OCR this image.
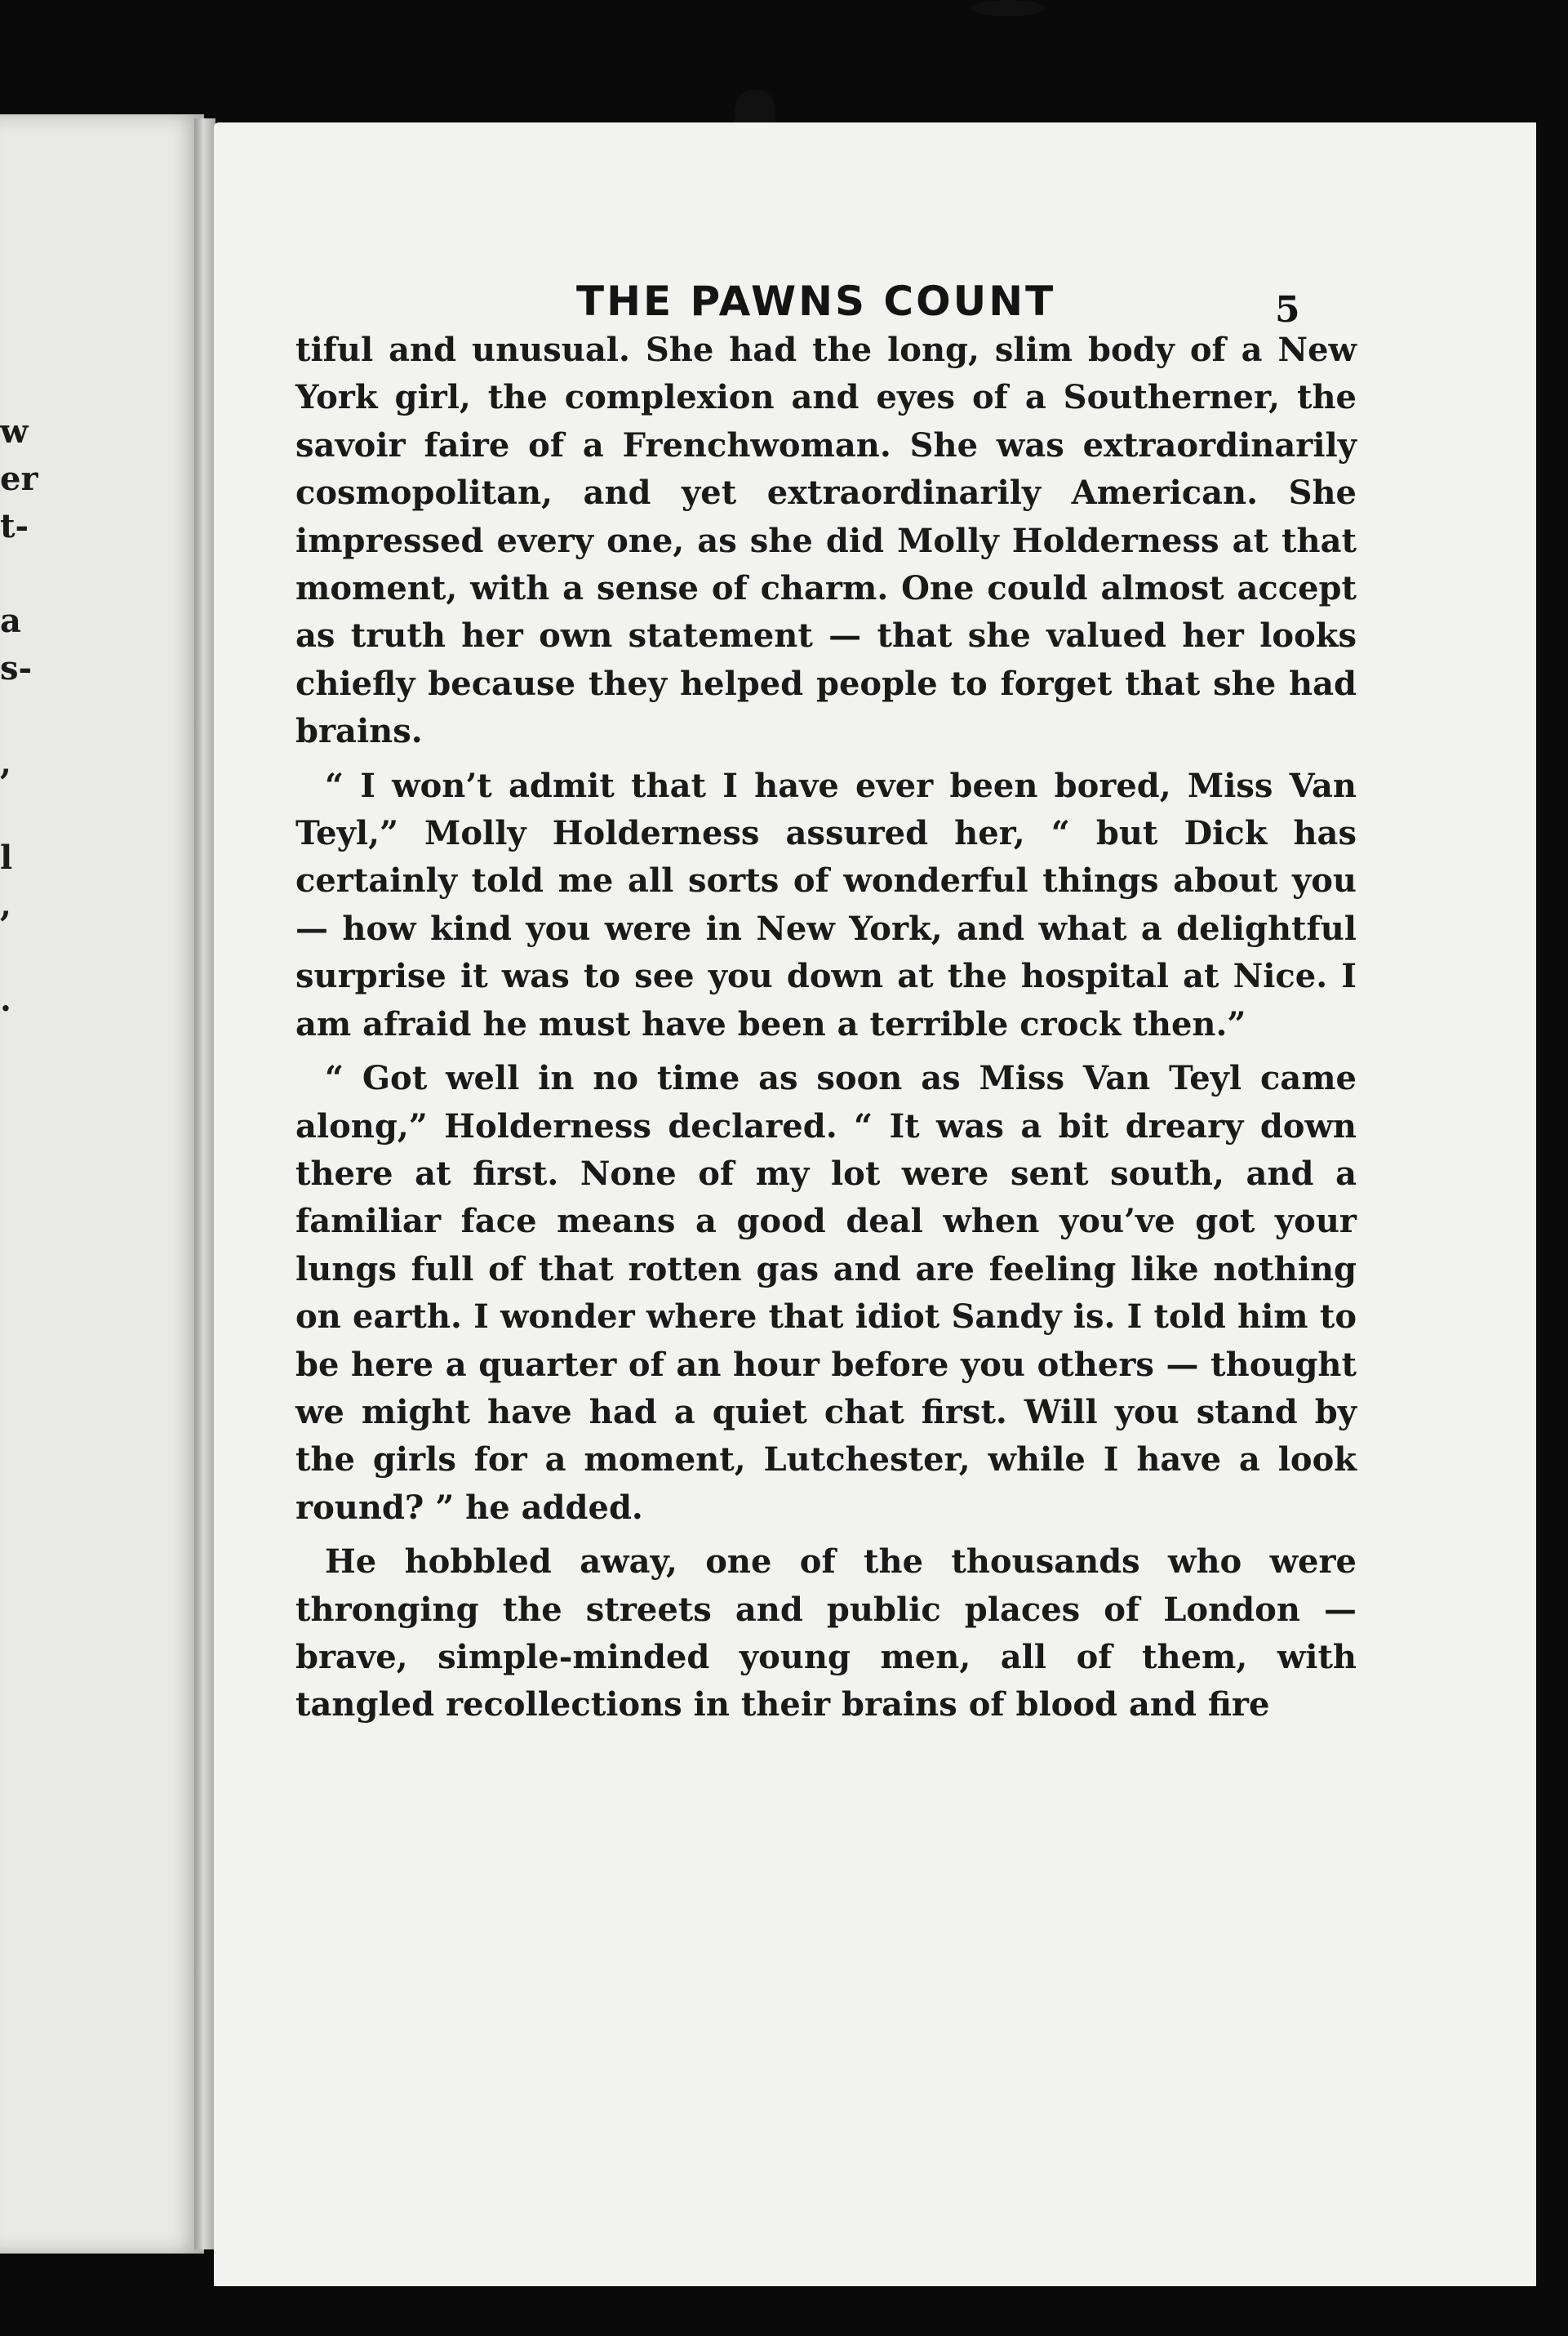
w
er
t-
a
s-
,
l
,
.
THE PAWNS COUNT	5

tiful and unusual. She had the long, slim body of a New York girl, the complexion and eyes of a Southerner, the savoir faire of a Frenchwoman. She was extraordinarily cosmopolitan, and yet extraordinarily American. She impressed every one, as she did Molly Holderness at that moment, with a sense of charm. One could almost accept as truth her own statement — that she valued her looks chiefly because they helped people to forget that she had brains.

“ I won’t admit that I have ever been bored, Miss Van Teyl,” Molly Holderness assured her, “ but Dick has certainly told me all sorts of wonderful things about you — how kind you were in New York, and what a delightful surprise it was to see you down at the hospital at Nice. I am afraid he must have been a terrible crock then.”

“ Got well in no time as soon as Miss Van Teyl came along,” Holderness declared. “ It was a bit dreary down there at first. None of my lot were sent south, and a familiar face means a good deal when you’ve got your lungs full of that rotten gas and are feeling like nothing on earth. I wonder where that idiot Sandy is. I told him to be here a quarter of an hour before you others — thought we might have had a quiet chat first. Will you stand by the girls for a moment, Lutchester, while I have a look round? ” he added.

He hobbled away, one of the thousands who were thronging the streets and public places of London — brave, simple-minded young men, all of them, with tangled recollections in their brains of blood and fire
